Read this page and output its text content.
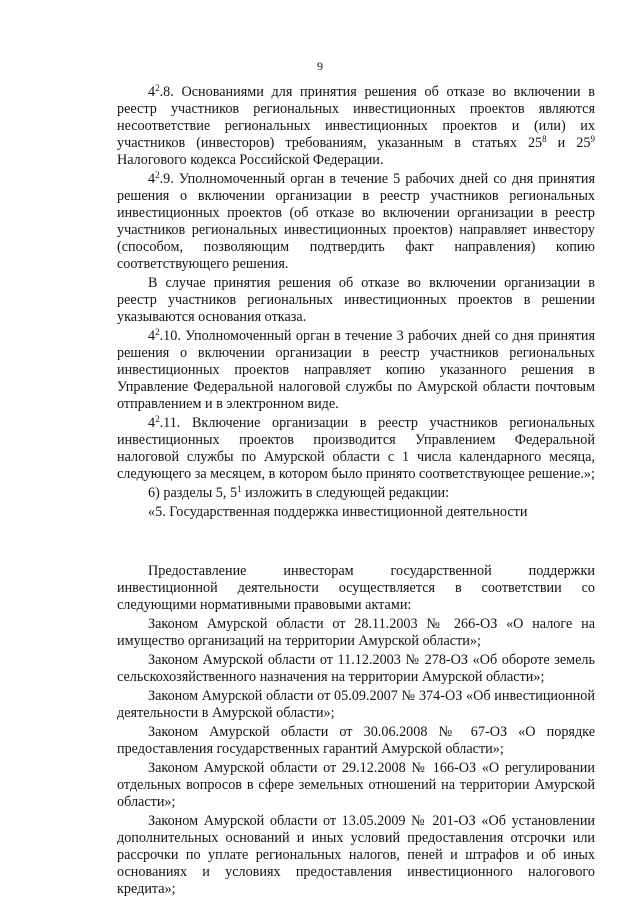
9

$4^2.8$. Основаниями для принятия решения об отказе во включении в реестр участников региональных инвестиционных проектов являются несоответствие региональных инвестиционных проектов и (или) их участников (инвесторов) требованиям, указанным в статьях $25^8$ и $25^9$ Налогового кодекса Российской Федерации.

$4^2.9$. Уполномоченный орган в течение 5 рабочих дней со дня принятия решения о включении организации в реестр участников региональных инвестиционных проектов (об отказе во включении организации в реестр участников региональных инвестиционных проектов) направляет инвестору (способом, позволяющим подтвердить факт направления) копию соответствующего решения.

В случае принятия решения об отказе во включении организации в реестр участников региональных инвестиционных проектов в решении указываются основания отказа.

$4^2.10$. Уполномоченный орган в течение 3 рабочих дней со дня принятия решения о включении организации в реестр участников региональных инвестиционных проектов направляет копию указанного решения в Управление Федеральной налоговой службы по Амурской области почтовым отправлением и в электронном виде.

$4^2.11$. Включение организации в реестр участников региональных инвестиционных проектов производится Управлением Федеральной налоговой службы по Амурской области с 1 числа календарного месяца, следующего за месяцем, в котором было принято соответствующее решение.»;

6) разделы 5, $5^1$ изложить в следующей редакции:

«5. Государственная поддержка инвестиционной деятельности

Предоставление инвесторам государственной поддержки инвестиционной деятельности осуществляется в соответствии со следующими нормативными правовыми актами:

Законом Амурской области от 28.11.2003 № 266-ОЗ «О налоге на имущество организаций на территории Амурской области»;

Законом Амурской области от 11.12.2003 № 278-ОЗ «Об обороте земель сельскохозяйственного назначения на территории Амурской области»;

Законом Амурской области от 05.09.2007 № 374-ОЗ «Об инвестиционной деятельности в Амурской области»;

Законом Амурской области от 30.06.2008 № 67-ОЗ «О порядке предоставления государственных гарантий Амурской области»;

Законом Амурской области от 29.12.2008 № 166-ОЗ «О регулировании отдельных вопросов в сфере земельных отношений на территории Амурской области»;

Законом Амурской области от 13.05.2009 № 201-ОЗ «Об установлении дополнительных оснований и иных условий предоставления отсрочки или рассрочки по уплате региональных налогов, пеней и штрафов и об иных основаниях и условиях предоставления инвестиционного налогового кредита»;
